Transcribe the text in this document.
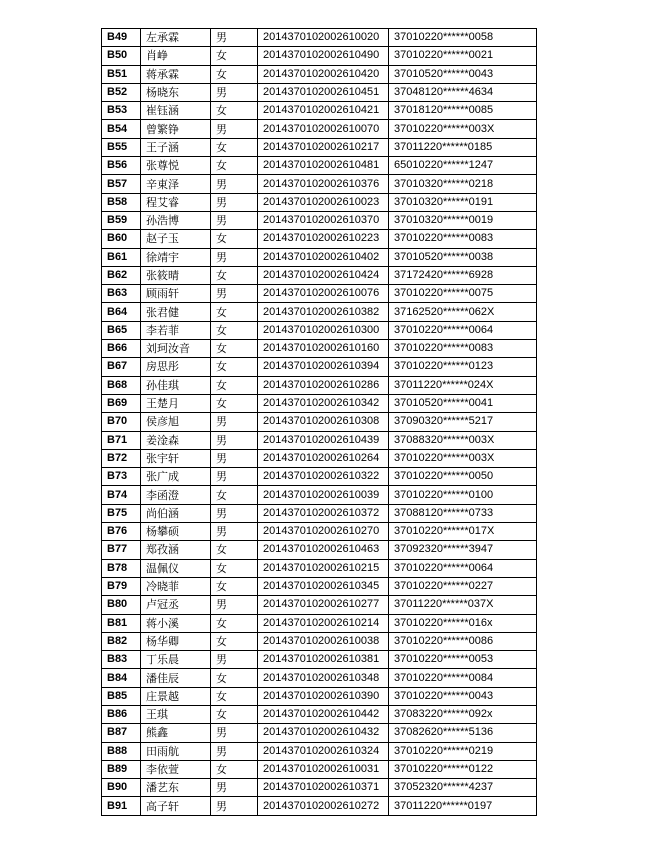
B49	左承霖	男	2014370102002610020	37010220******0058
B50	肖峥	女	2014370102002610490	37010220******0021
B51	蒋承霖	女	2014370102002610420	37010520******0043
B52	杨晓东	男	2014370102002610451	37048120******4634
B53	崔钰涵	女	2014370102002610421	37018120******0085
B54	曾繁铮	男	2014370102002610070	37010220******003X
B55	王子涵	女	2014370102002610217	37011220******0185
B56	张尊悦	女	2014370102002610481	65010220******1247
B57	辛東泽	男	2014370102002610376	37010320******0218
B58	程艾睿	男	2014370102002610023	37010320******0191
B59	孙浩博	男	2014370102002610370	37010320******0019
B60	赵子玉	女	2014370102002610223	37010220******0083
B61	徐靖宇	男	2014370102002610402	37010520******0038
B62	张筱晴	女	2014370102002610424	37172420******6928
B63	顾雨轩	男	2014370102002610076	37010220******0075
B64	张君健	女	2014370102002610382	37162520******062X
B65	李若菲	女	2014370102002610300	37010220******0064
B66	刘珂汝音	女	2014370102002610160	37010220******0083
B67	房思彤	女	2014370102002610394	37010220******0123
B68	孙佳琪	女	2014370102002610286	37011220******024X
B69	王楚月	女	2014370102002610342	37010520******0041
B70	侯彦旭	男	2014370102002610308	37090320******5217
B71	姜淦森	男	2014370102002610439	37088320******003X
B72	张宇轩	男	2014370102002610264	37010220******003X
B73	张广成	男	2014370102002610322	37010220******0050
B74	李函澄	女	2014370102002610039	37010220******0100
B75	尚伯涵	男	2014370102002610372	37088120******0733
B76	杨攀硕	男	2014370102002610270	37010220******017X
B77	郑孜涵	女	2014370102002610463	37092320******3947
B78	温佩仪	女	2014370102002610215	37010220******0064
B79	冷晓菲	女	2014370102002610345	37010220******0227
B80	卢冠丞	男	2014370102002610277	37011220******037X
B81	蒋小溪	女	2014370102002610214	37010220******016x
B82	杨华卿	女	2014370102002610038	37010220******0086
B83	丁乐晨	男	2014370102002610381	37010220******0053
B84	潘佳辰	女	2014370102002610348	37010220******0084
B85	庄景越	女	2014370102002610390	37010220******0043
B86	王琪	女	2014370102002610442	37083220******092x
B87	熊鑫	男	2014370102002610432	37082620******5136
B88	田雨航	男	2014370102002610324	37010220******0219
B89	李依萱	女	2014370102002610031	37010220******0122
B90	潘艺东	男	2014370102002610371	37052320******4237
B91	高子轩	男	2014370102002610272	37011220******0197
